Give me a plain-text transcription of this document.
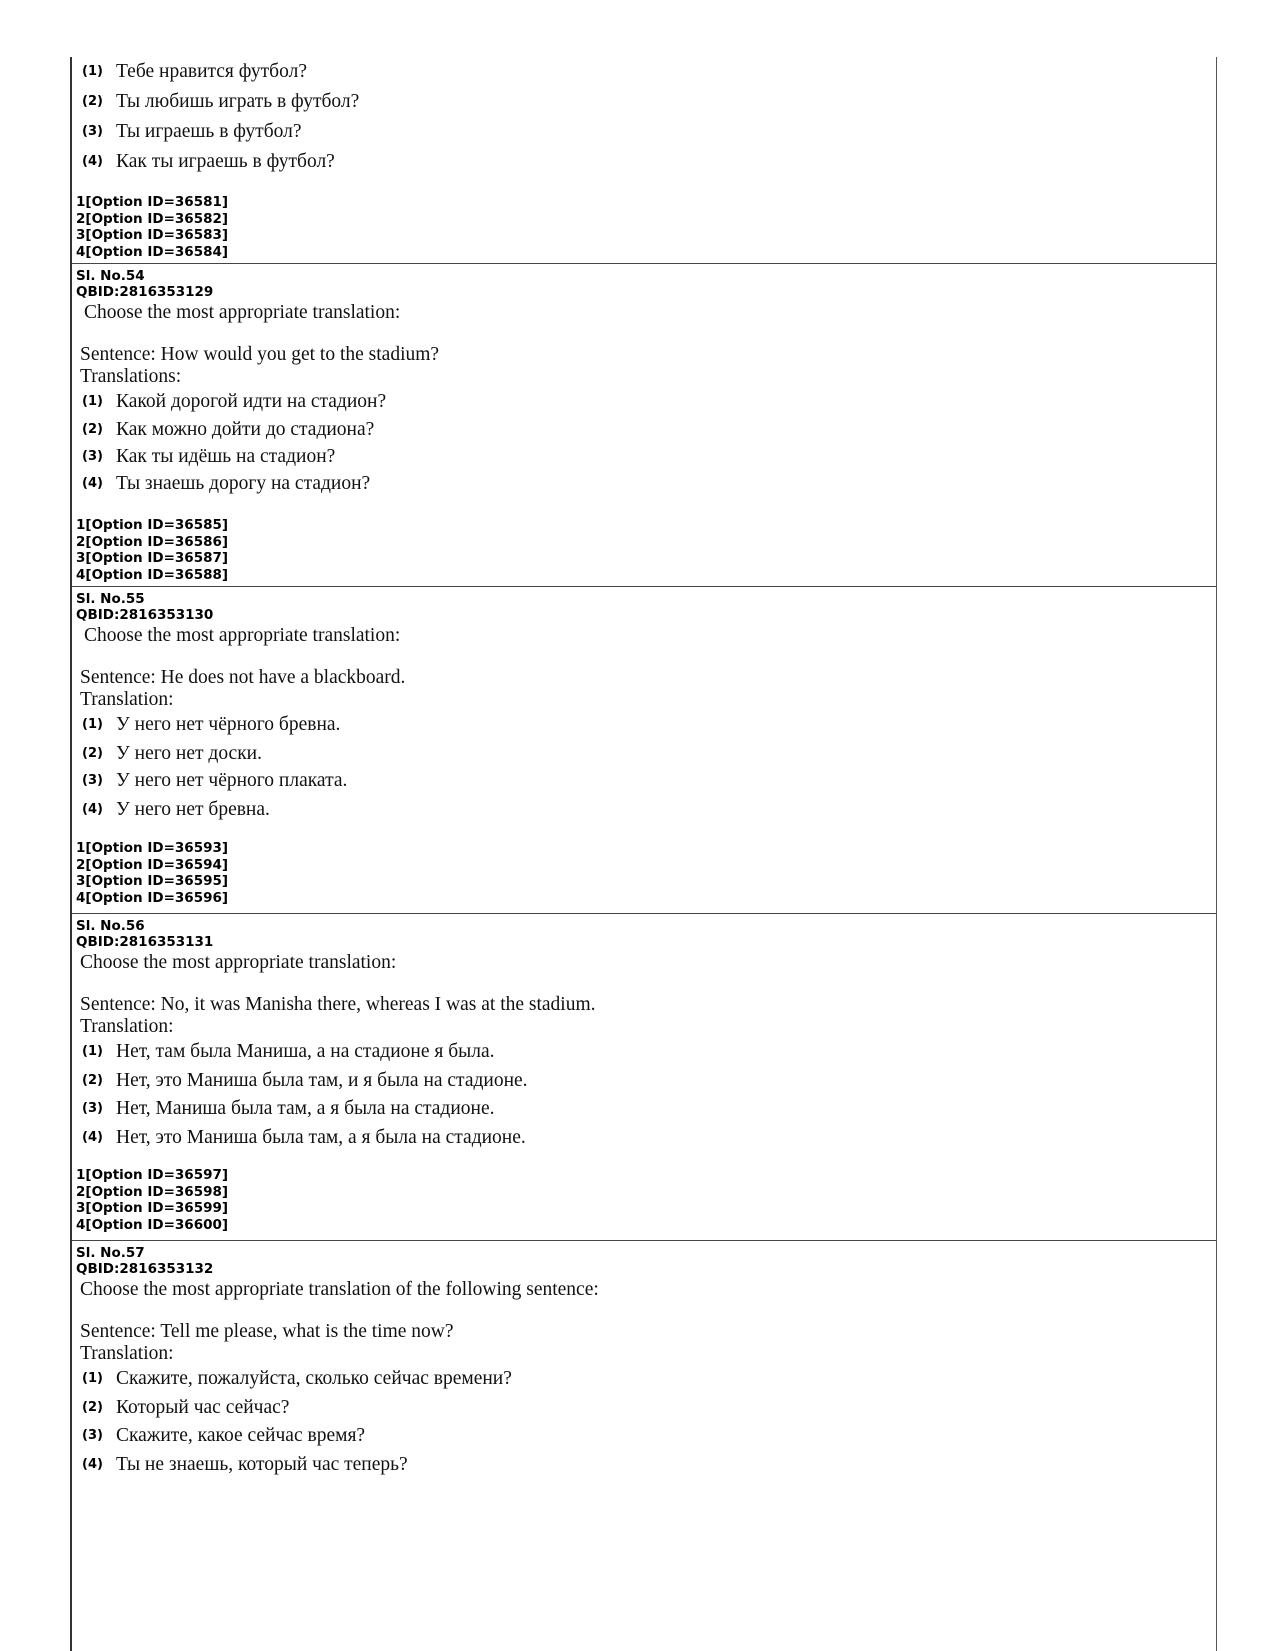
(1) Тебе нравится футбол?
(2) Ты любишь играть в футбол?
(3) Ты играешь в футбол?
(4) Как ты играешь в футбол?
1[Option ID=36581]
2[Option ID=36582]
3[Option ID=36583]
4[Option ID=36584]
Sl. No.54
QBID:2816353129
Choose the most appropriate translation:
Sentence: How would you get to the stadium?
Translations:
(1) Какой дорогой идти на стадион?
(2) Как можно дойти до стадиона?
(3) Как ты идёшь на стадион?
(4) Ты знаешь дорогу на стадион?
1[Option ID=36585]
2[Option ID=36586]
3[Option ID=36587]
4[Option ID=36588]
Sl. No.55
QBID:2816353130
Choose the most appropriate translation:
Sentence: He does not have a blackboard.
Translation:
(1) У него нет чёрного бревна.
(2) У него нет доски.
(3) У него нет чёрного плаката.
(4) У него нет бревна.
1[Option ID=36593]
2[Option ID=36594]
3[Option ID=36595]
4[Option ID=36596]
Sl. No.56
QBID:2816353131
Choose the most appropriate translation:
Sentence: No, it was Manisha there, whereas I was at the stadium.
Translation:
(1) Нет, там была Маниша, а на стадионе я была.
(2) Нет, это Маниша была там, и я была на стадионе.
(3) Нет, Маниша была там, а я была на стадионе.
(4) Нет, это Маниша была там, а я была на стадионе.
1[Option ID=36597]
2[Option ID=36598]
3[Option ID=36599]
4[Option ID=36600]
Sl. No.57
QBID:2816353132
Choose the most appropriate translation of the following sentence:
Sentence: Tell me please, what is the time now?
Translation:
(1) Скажите, пожалуйста, сколько сейчас времени?
(2) Который час сейчас?
(3) Скажите, какое сейчас время?
(4) Ты не знаешь, который час теперь?
